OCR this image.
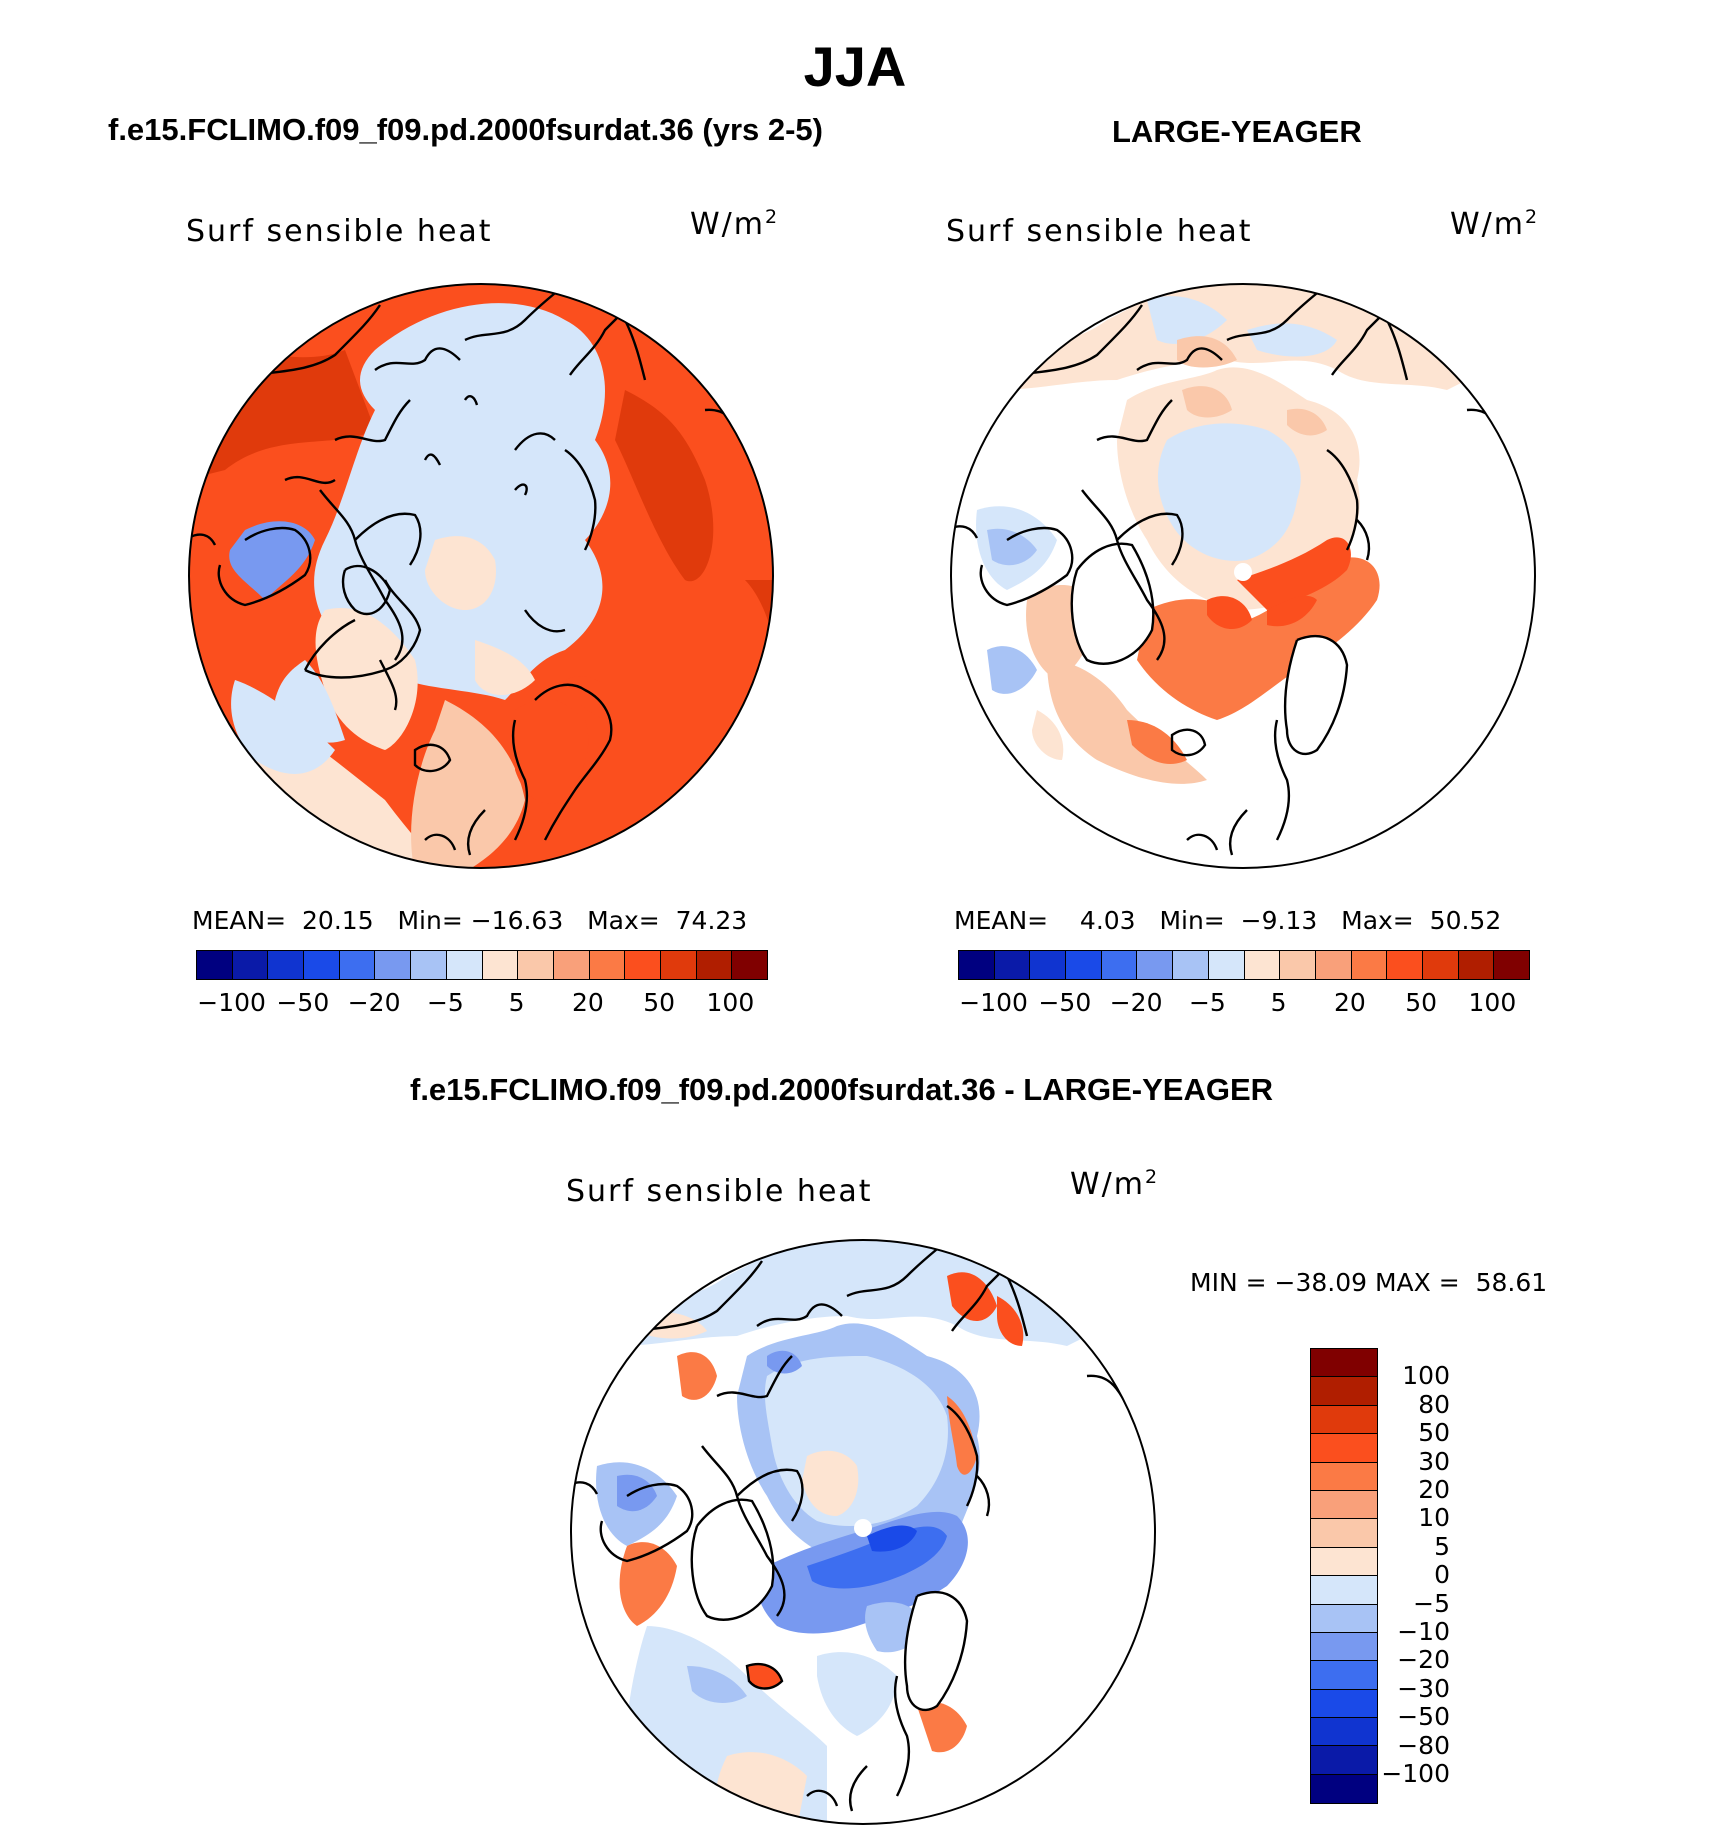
JJA
f.e15.FCLIMO.f09_f09.pd.2000fsurdat.36 (yrs 2-5)
Surf sensible heat	$W/m^2$
MEAN= 20.15 Min= −16.63 Max= 74.23
−100 −50 −20	−5	5	20	50	100
LARGE-YEAGER
Surf sensible heat	$W/m^2$
MEAN= 4.03 Min= −9.13 Max= 50.52
−100 −50 −20	−5	5	20	50	100
f.e15.FCLIMO.f09_f09.pd.2000fsurdat.36 - LARGE-YEAGER
Surf sensible heat	$W/m^2$
MIN = −38.09 MAX = 58.61
100
80
50
30
20
10
5
0
−5
−10
−20
−30
−50
−80
−100
